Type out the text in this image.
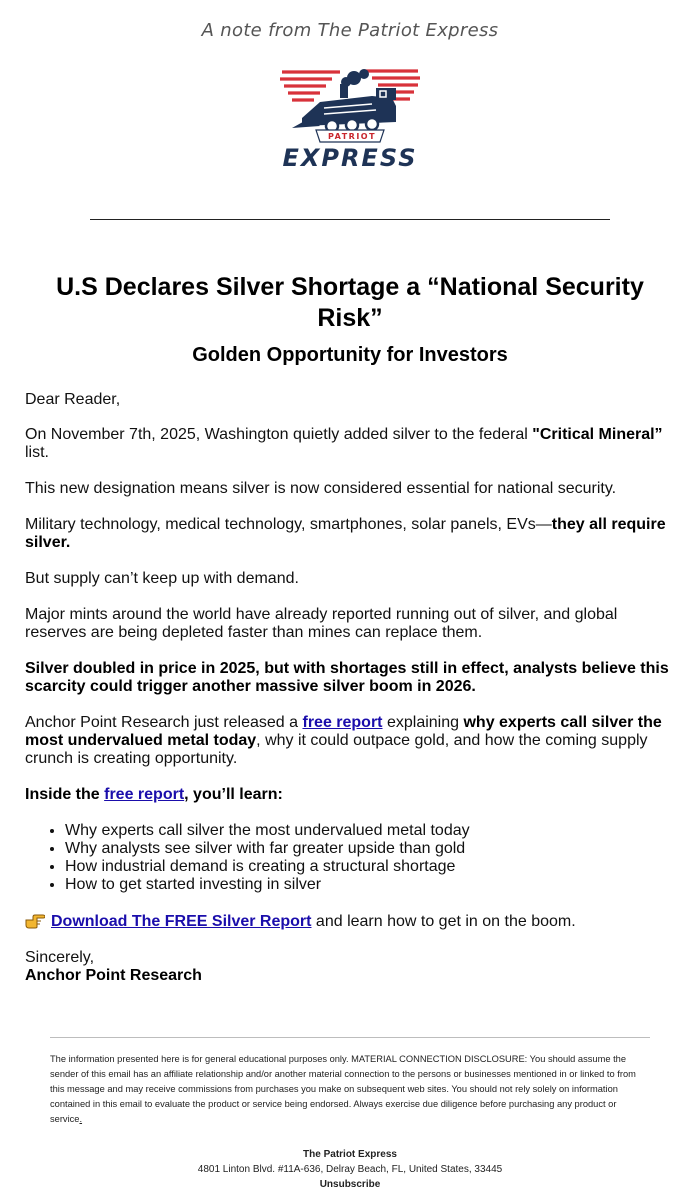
A note from The Patriot Express
PATRIOT
EXPRESS
U.S Declares Silver Shortage a “National Security Risk”
Golden Opportunity for Investors
Dear Reader,
On November 7th, 2025, Washington quietly added silver to the federal "Critical Mineral” list.
This new designation means silver is now considered essential for national security.
Military technology, medical technology, smartphones, solar panels, EVs—they all require silver.
But supply can’t keep up with demand.
Major mints around the world have already reported running out of silver, and global reserves are being depleted faster than mines can replace them.
Silver doubled in price in 2025, but with shortages still in effect, analysts believe this scarcity could trigger another massive silver boom in 2026.
Anchor Point Research just released a free report explaining why experts call silver the most undervalued metal today, why it could outpace gold, and how the coming supply crunch is creating opportunity.
Inside the free report, you’ll learn:
• Why experts call silver the most undervalued metal today
• Why analysts see silver with far greater upside than gold
• How industrial demand is creating a structural shortage
• How to get started investing in silver
Download The FREE Silver Report and learn how to get in on the boom.
Sincerely,
Anchor Point Research
The information presented here is for general educational purposes only. MATERIAL CONNECTION DISCLOSURE: You should assume the sender of this email has an affiliate relationship and/or another material connection to the persons or businesses mentioned in or linked to from this message and may receive commissions from purchases you make on subsequent web sites. You should not rely solely on information contained in this email to evaluate the product or service being endorsed. Always exercise due diligence before purchasing any product or service.
The Patriot Express
4801 Linton Blvd. #11A-636, Delray Beach, FL, United States, 33445
Unsubscribe
